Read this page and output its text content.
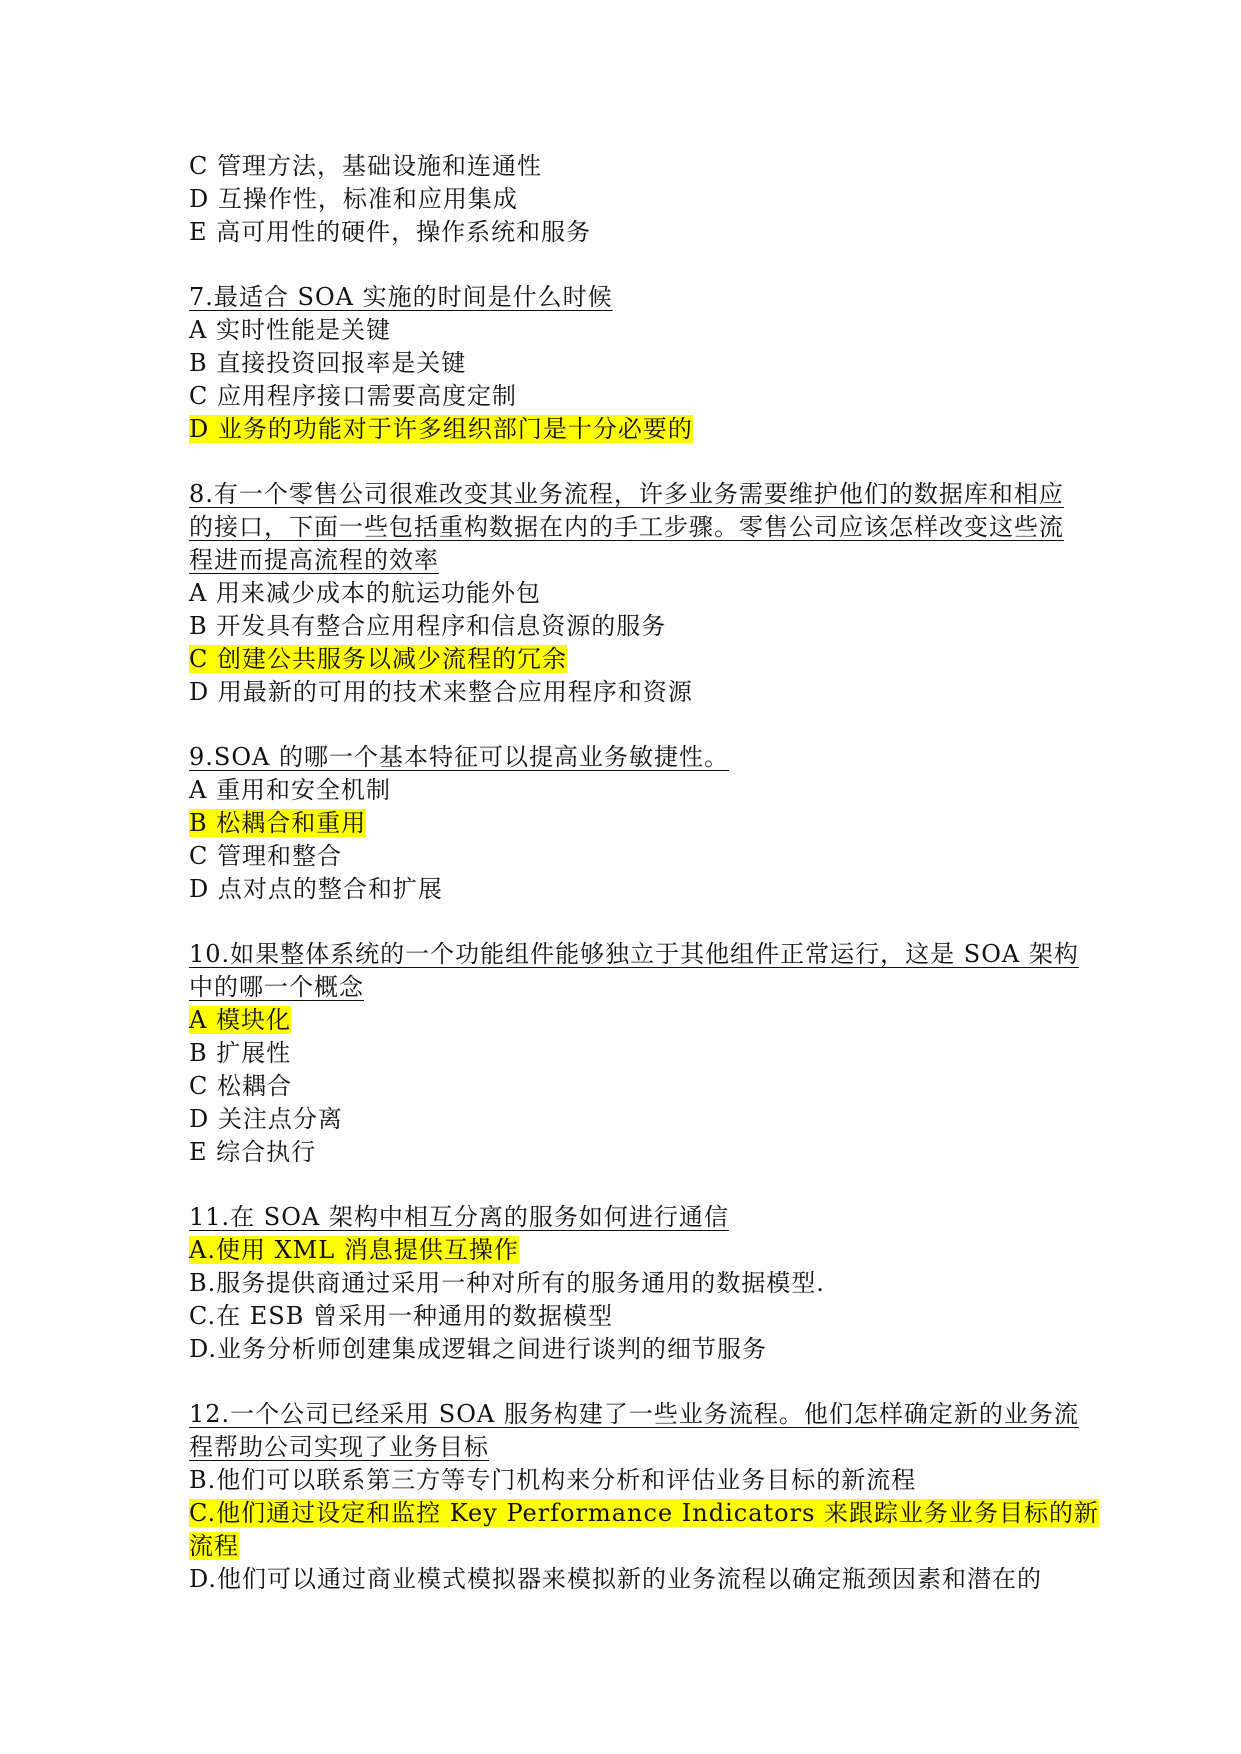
C 管理方法，基础设施和连通性
D 互操作性，标准和应用集成
E 高可用性的硬件，操作系统和服务
7.最适合 SOA 实施的时间是什么时候
A 实时性能是关键
B 直接投资回报率是关键
C 应用程序接口需要高度定制
D 业务的功能对于许多组织部门是十分必要的
8.有一个零售公司很难改变其业务流程，许多业务需要维护他们的数据库和相应
的接口，下面一些包括重构数据在内的手工步骤。零售公司应该怎样改变这些流
程进而提高流程的效率
A 用来减少成本的航运功能外包
B 开发具有整合应用程序和信息资源的服务
C 创建公共服务以减少流程的冗余
D 用最新的可用的技术来整合应用程序和资源
9.SOA 的哪一个基本特征可以提高业务敏捷性。
A 重用和安全机制
B 松耦合和重用
C 管理和整合
D 点对点的整合和扩展
10.如果整体系统的一个功能组件能够独立于其他组件正常运行，这是 SOA 架构
中的哪一个概念
A 模块化
B 扩展性
C 松耦合
D 关注点分离
E 综合执行
11.在 SOA 架构中相互分离的服务如何进行通信
A.使用 XML 消息提供互操作
B.服务提供商通过采用一种对所有的服务通用的数据模型.
C.在 ESB 曾采用一种通用的数据模型
D.业务分析师创建集成逻辑之间进行谈判的细节服务
12.一个公司已经采用 SOA 服务构建了一些业务流程。他们怎样确定新的业务流
程帮助公司实现了业务目标
B.他们可以联系第三方等专门机构来分析和评估业务目标的新流程
C.他们通过设定和监控 Key Performance Indicators 来跟踪业务业务目标的新
流程
D.他们可以通过商业模式模拟器来模拟新的业务流程以确定瓶颈因素和潜在的
